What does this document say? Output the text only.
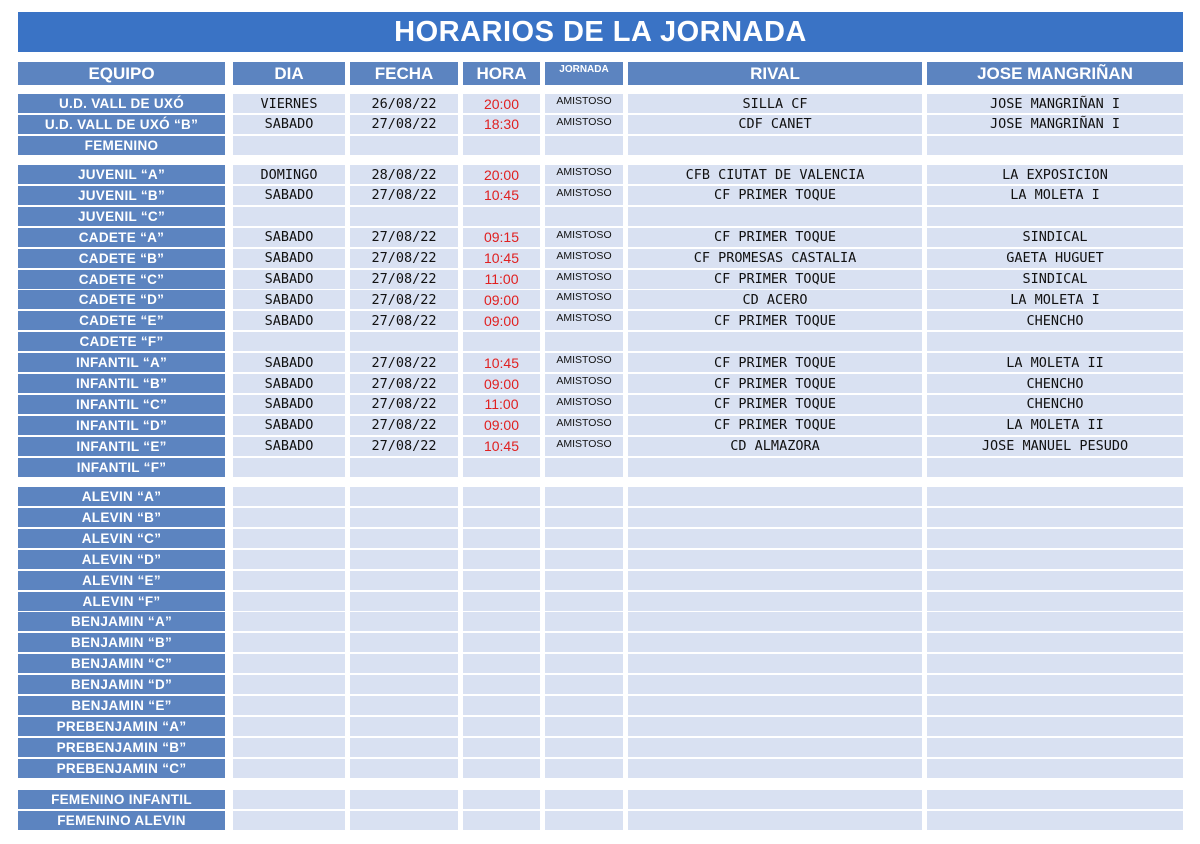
HORARIOS DE LA JORNADA
EQUIPO	DIA	FECHA	HORA	JORNADA	RIVAL	JOSE MANGRIÑAN
U.D. VALL DE UXÓ	VIERNES	26/08/22	20:00	AMISTOSO	SILLA CF	JOSE MANGRIÑAN I
U.D. VALL DE UXÓ “B”	SABADO	27/08/22	18:30	AMISTOSO	CDF CANET	JOSE MANGRIÑAN I
FEMENINO
JUVENIL “A”	DOMINGO	28/08/22	20:00	AMISTOSO	CFB CIUTAT DE VALENCIA	LA EXPOSICION
JUVENIL “B”	SABADO	27/08/22	10:45	AMISTOSO	CF PRIMER TOQUE	LA MOLETA I
JUVENIL “C”
CADETE “A”	SABADO	27/08/22	09:15	AMISTOSO	CF PRIMER TOQUE	SINDICAL
CADETE “B”	SABADO	27/08/22	10:45	AMISTOSO	CF PROMESAS CASTALIA	GAETA HUGUET
CADETE “C”	SABADO	27/08/22	11:00	AMISTOSO	CF PRIMER TOQUE	SINDICAL
CADETE “D”	SABADO	27/08/22	09:00	AMISTOSO	CD ACERO	LA MOLETA I
CADETE “E”	SABADO	27/08/22	09:00	AMISTOSO	CF PRIMER TOQUE	CHENCHO
CADETE “F”
INFANTIL “A”	SABADO	27/08/22	10:45	AMISTOSO	CF PRIMER TOQUE	LA MOLETA II
INFANTIL “B”	SABADO	27/08/22	09:00	AMISTOSO	CF PRIMER TOQUE	CHENCHO
INFANTIL “C”	SABADO	27/08/22	11:00	AMISTOSO	CF PRIMER TOQUE	CHENCHO
INFANTIL “D”	SABADO	27/08/22	09:00	AMISTOSO	CF PRIMER TOQUE	LA MOLETA II
INFANTIL “E”	SABADO	27/08/22	10:45	AMISTOSO	CD ALMAZORA	JOSE MANUEL PESUDO
INFANTIL “F”
ALEVIN “A”
ALEVIN “B”
ALEVIN “C”
ALEVIN “D”
ALEVIN “E”
ALEVIN “F”
BENJAMIN “A”
BENJAMIN “B”
BENJAMIN “C”
BENJAMIN “D”
BENJAMIN “E”
PREBENJAMIN “A”
PREBENJAMIN “B”
PREBENJAMIN “C”
FEMENINO INFANTIL
FEMENINO ALEVIN
